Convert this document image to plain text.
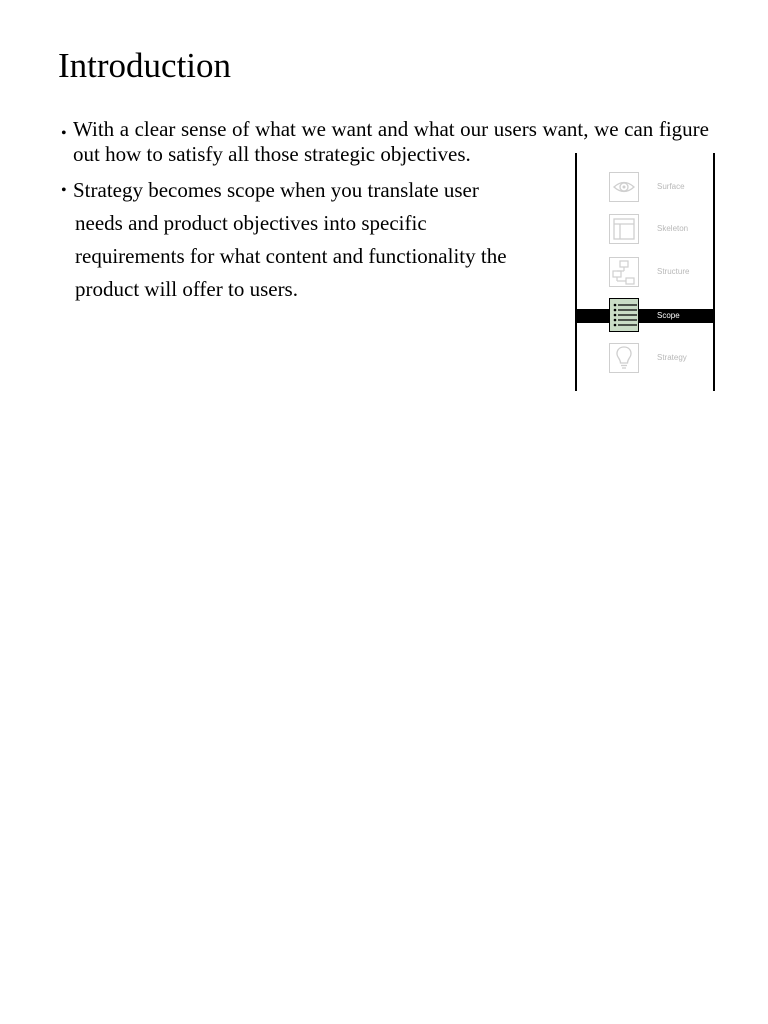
Introduction
• With a clear sense of what we want and what our users want, we can figure out how to satisfy all those strategic objectives.
• Strategy becomes scope when you translate user
needs and product objectives into specific
requirements for what content and functionality the
product will offer to users.
Surface
Skeleton
Structure
Scope
Strategy
